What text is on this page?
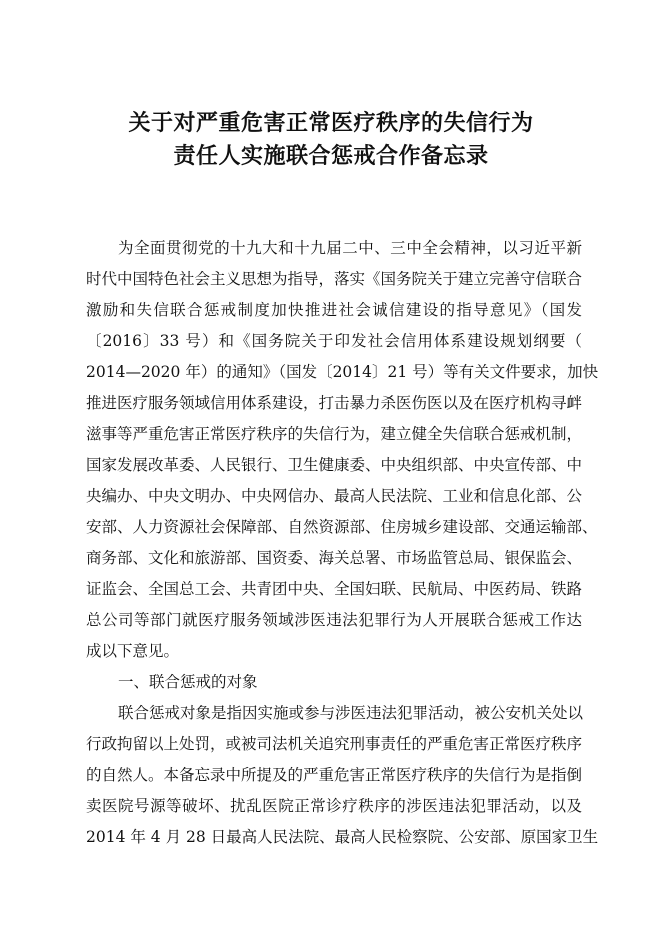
关于对严重危害正常医疗秩序的失信行为
责任人实施联合惩戒合作备忘录
为全面贯彻党的十九大和十九届二中、三中全会精神，以习近平新
时代中国特色社会主义思想为指导，落实《国务院关于建立完善守信联合
激励和失信联合惩戒制度加快推进社会诚信建设的指导意见》（国发
〔2016〕33 号）和《国务院关于印发社会信用体系建设规划纲要（
2014—2020 年）的通知》（国发〔2014〕21 号）等有关文件要求，加快
推进医疗服务领域信用体系建设，打击暴力杀医伤医以及在医疗机构寻衅
滋事等严重危害正常医疗秩序的失信行为，建立健全失信联合惩戒机制，
国家发展改革委、人民银行、卫生健康委、中央组织部、中央宣传部、中
央编办、中央文明办、中央网信办、最高人民法院、工业和信息化部、公
安部、人力资源社会保障部、自然资源部、住房城乡建设部、交通运输部、
商务部、文化和旅游部、国资委、海关总署、市场监管总局、银保监会、
证监会、全国总工会、共青团中央、全国妇联、民航局、中医药局、铁路
总公司等部门就医疗服务领域涉医违法犯罪行为人开展联合惩戒工作达
成以下意见。
一、联合惩戒的对象
联合惩戒对象是指因实施或参与涉医违法犯罪活动，被公安机关处以
行政拘留以上处罚，或被司法机关追究刑事责任的严重危害正常医疗秩序
的自然人。本备忘录中所提及的严重危害正常医疗秩序的失信行为是指倒
卖医院号源等破坏、扰乱医院正常诊疗秩序的涉医违法犯罪活动，以及
2014 年 4 月 28 日最高人民法院、最高人民检察院、公安部、原国家卫生
